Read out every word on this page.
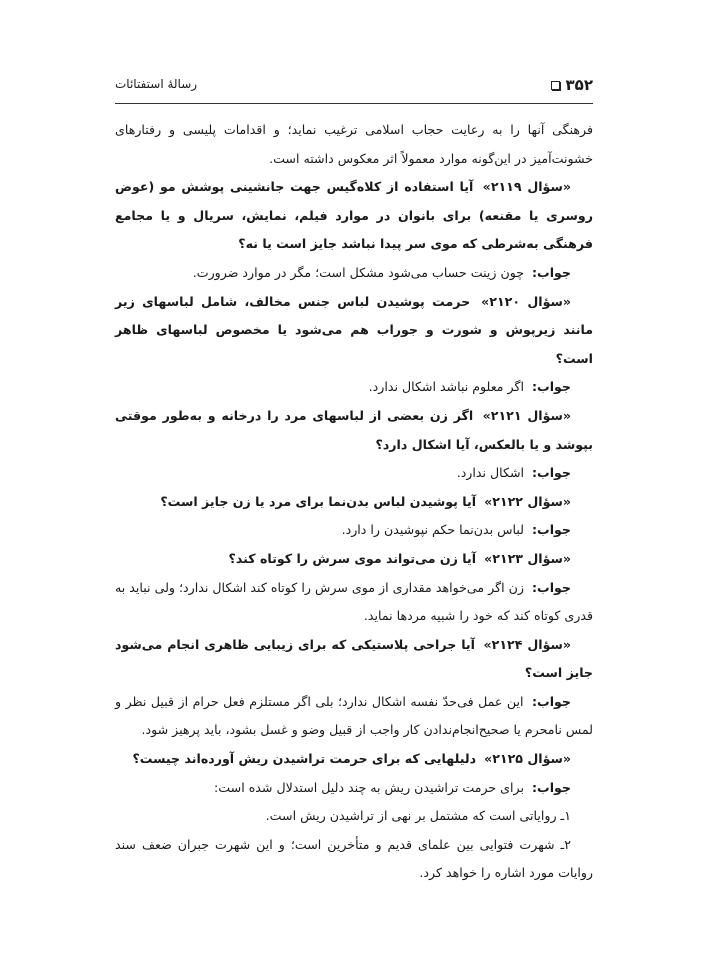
۳۵۲
رسالهٔ استفتائات

فرهنگی آنها را به رعایت حجاب اسلامی ترغیب نماید؛ و اقدامات پلیسی و رفتارهای خشونت‌آمیز در این‌گونه موارد معمولاً اثر معکوس داشته است.

«سؤال ۲۱۱۹» آیا استفاده از کلاه‌گیس جهت جانشینی پوشش مو (عوض روسری یا مقنعه) برای بانوان در موارد فیلم، نمایش، سریال و یا مجامع فرهنگی به‌شرطی که موی سر پیدا نباشد جایز است یا نه؟

جواب: چون زینت حساب می‌شود مشکل است؛ مگر در موارد ضرورت.

«سؤال ۲۱۲۰» حرمت پوشیدن لباس جنس مخالف، شامل لباسهای زیر مانند زیرپوش و شورت و جوراب هم می‌شود یا مخصوص لباسهای ظاهر است؟

جواب: اگر معلوم نباشد اشکال ندارد.

«سؤال ۲۱۲۱» اگر زن بعضی از لباسهای مرد را درخانه و به‌طور موقتی بپوشد و یا بالعکس، آیا اشکال دارد؟

جواب: اشکال ندارد.

«سؤال ۲۱۲۲» آیا پوشیدن لباس بدن‌نما برای مرد یا زن جایز است؟

جواب: لباس بدن‌نما حکم نپوشیدن را دارد.

«سؤال ۲۱۲۳» آیا زن می‌تواند موی سرش را کوتاه کند؟

جواب: زن اگر می‌خواهد مقداری از موی سرش را کوتاه کند اشکال ندارد؛ ولی نباید به قدری کوتاه کند که خود را شبیه مردها نماید.

«سؤال ۲۱۲۴» آیا جراحی پلاستیکی که برای زیبایی ظاهری انجام می‌شود جایز است؟

جواب: این عمل فی‌حدّ نفسه اشکال ندارد؛ بلی اگر مستلزم فعل حرام از قبیل نظر و لمس نامحرم یا صحیح‌انجام‌ندادن کار واجب از قبیل وضو و غسل بشود، باید پرهیز شود.

«سؤال ۲۱۲۵» دلیلهایی که برای حرمت تراشیدن ریش آورده‌اند چیست؟

جواب: برای حرمت تراشیدن ریش به چند دلیل استدلال شده است:

۱ـ روایاتی است که مشتمل بر نهی از تراشیدن ریش است.

۲ـ شهرت فتوایی بین علمای قدیم و متأخرین است؛ و این شهرت جبران ضعف سند روایات مورد اشاره را خواهد کرد.
